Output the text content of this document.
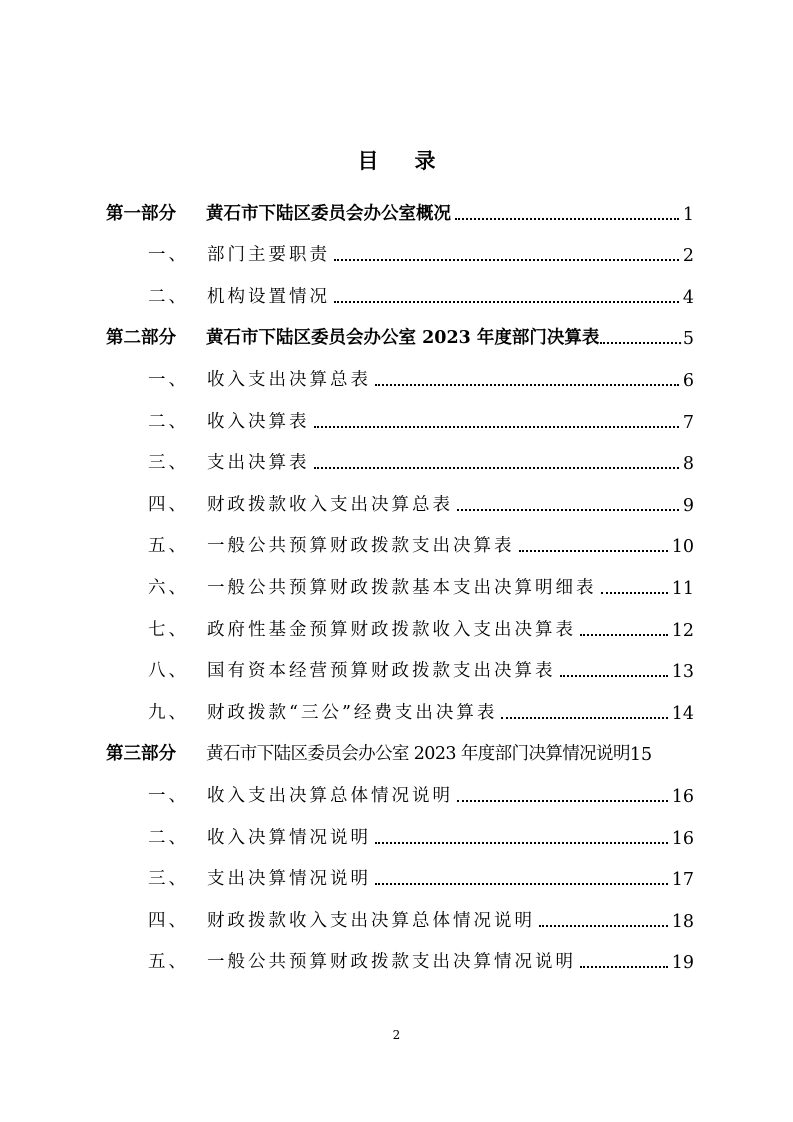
目 录
第一部分 黄石市下陆区委员会办公室概况	1
一、 部门主要职责	2
二、 机构设置情况	4
第二部分 黄石市下陆区委员会办公室 2023 年度部门决算表	.5
一、 收入支出决算总表	6
二、 收入决算表	7
三、 支出决算表	8
四、 财政拨款收入支出决算总表	9
五、 一般公共预算财政拨款支出决算表	10
六、 一般公共预算财政拨款基本支出决算明细表	11
七、 政府性基金预算财政拨款收入支出决算表	12
八、 国有资本经营预算财政拨款支出决算表	13
九、 财政拨款“三公”经费支出决算表	14
第三部分 黄石市下陆区委员会办公室 2023 年度部门决算情况说明 15
一、 收入支出决算总体情况说明	16
二、 收入决算情况说明	16
三、 支出决算情况说明	17
四、 财政拨款收入支出决算总体情况说明	18
五、 一般公共预算财政拨款支出决算情况说明	19
2
